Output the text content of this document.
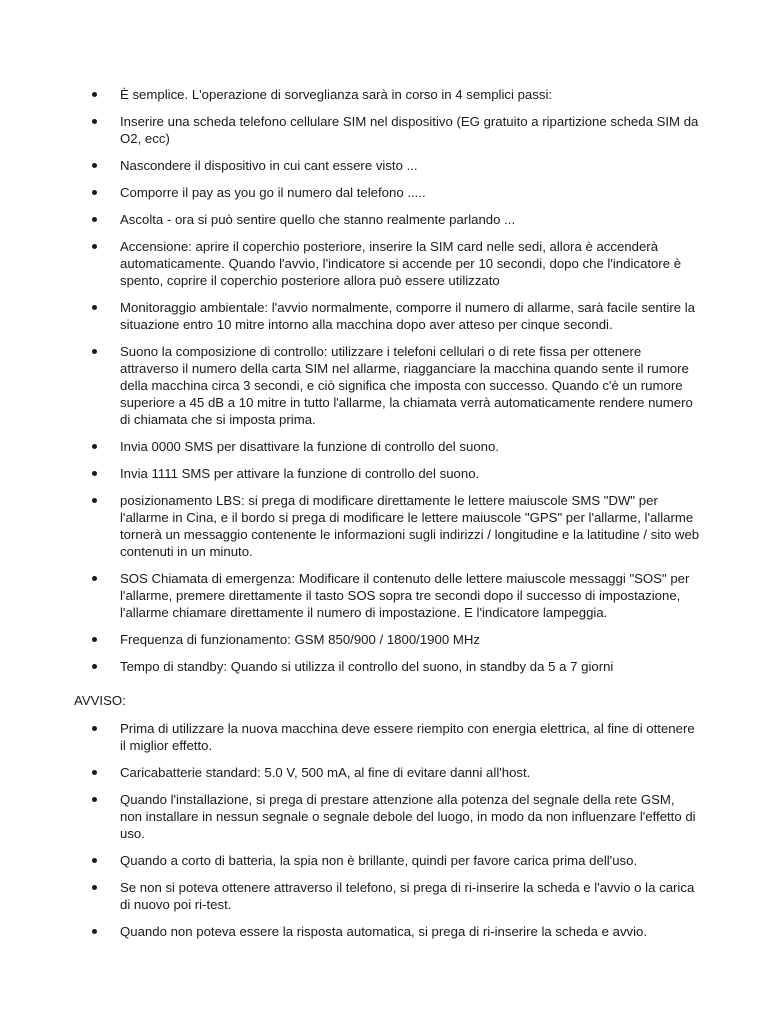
È semplice. L'operazione di sorveglianza sarà in corso in 4 semplici passi:
Inserire una scheda telefono cellulare SIM nel dispositivo (EG gratuito a ripartizione scheda SIM da O2, ecc)
Nascondere il dispositivo in cui cant essere visto ...
Comporre il pay as you go il numero dal telefono .....
Ascolta - ora si può sentire quello che stanno realmente parlando ...
Accensione: aprire il coperchio posteriore, inserire la SIM card nelle sedi, allora è accenderà automaticamente. Quando l'avvio, l'indicatore si accende per 10 secondi, dopo che l'indicatore è spento, coprire il coperchio posteriore allora può essere utilizzato
Monitoraggio ambientale: l'avvio normalmente, comporre il numero di allarme, sarà facile sentire la situazione entro 10 mitre intorno alla macchina dopo aver atteso per cinque secondi.
Suono la composizione di controllo: utilizzare i telefoni cellulari o di rete fissa per ottenere attraverso il numero della carta SIM nel allarme, riagganciare la macchina quando sente il rumore della macchina circa 3 secondi, e ciò significa che imposta con successo. Quando c'è un rumore superiore a 45 dB a 10 mitre in tutto l'allarme, la chiamata verrà automaticamente rendere numero di chiamata che si imposta prima.
Invia 0000 SMS per disattivare la funzione di controllo del suono.
Invia 1111 SMS per attivare la funzione di controllo del suono.
posizionamento LBS: si prega di modificare direttamente le lettere maiuscole SMS "DW" per l'allarme in Cina, e il bordo si prega di modificare le lettere maiuscole "GPS" per l'allarme, l'allarme tornerà un messaggio contenente le informazioni sugli indirizzi / longitudine e la latitudine / sito web contenuti in un minuto.
SOS Chiamata di emergenza: Modificare il contenuto delle lettere maiuscole messaggi "SOS" per l'allarme, premere direttamente il tasto SOS sopra tre secondi dopo il successo di impostazione, l'allarme chiamare direttamente il numero di impostazione. E l'indicatore lampeggia.
Frequenza di funzionamento: GSM 850/900 / 1800/1900 MHz
Tempo di standby: Quando si utilizza il controllo del suono, in standby da 5 a 7 giorni

AVVISO:

Prima di utilizzare la nuova macchina deve essere riempito con energia elettrica, al fine di ottenere il miglior effetto.
Caricabatterie standard: 5.0 V, 500 mA, al fine di evitare danni all'host.
Quando l'installazione, si prega di prestare attenzione alla potenza del segnale della rete GSM, non installare in nessun segnale o segnale debole del luogo, in modo da non influenzare l'effetto di uso.
Quando a corto di batteria, la spia non è brillante, quindi per favore carica prima dell'uso.
Se non si poteva ottenere attraverso il telefono, si prega di ri-inserire la scheda e l'avvio o la carica di nuovo poi ri-test.
Quando non poteva essere la risposta automatica, si prega di ri-inserire la scheda e avvio.
